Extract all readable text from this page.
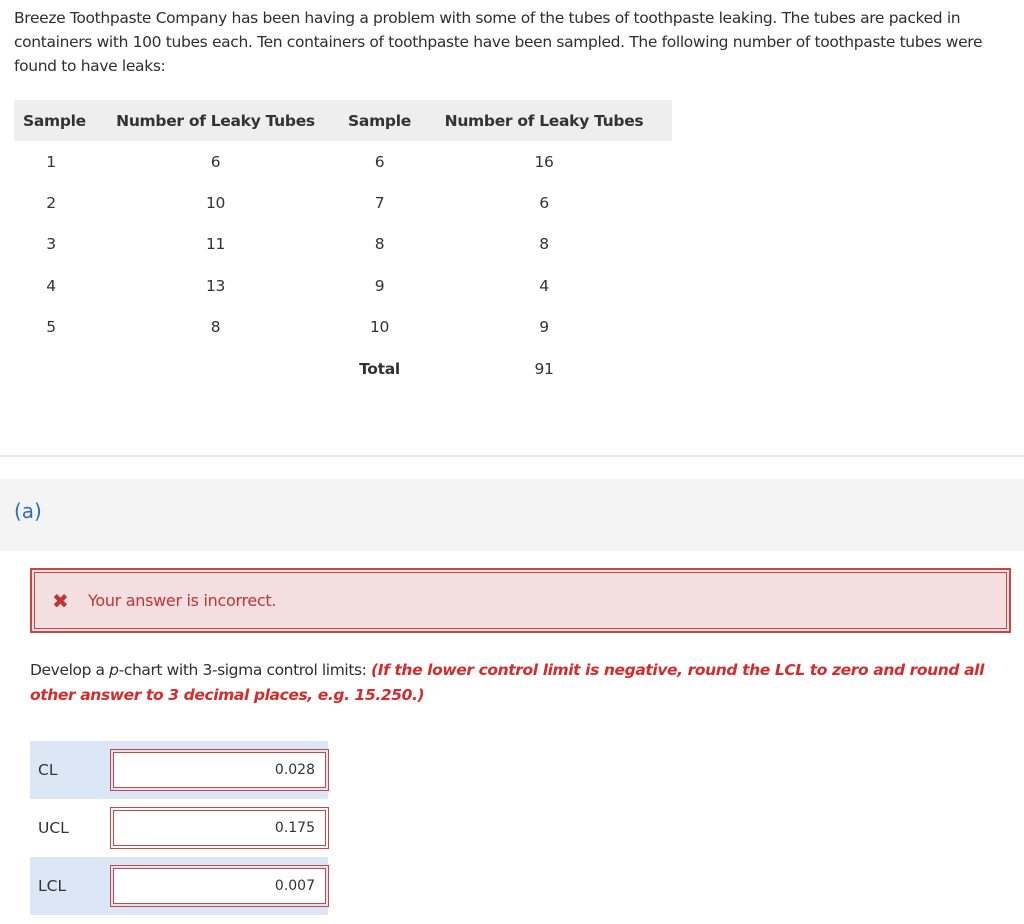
Breeze Toothpaste Company has been having a problem with some of the tubes of toothpaste leaking. The tubes are packed in containers with 100 tubes each. Ten containers of toothpaste have been sampled. The following number of toothpaste tubes were found to have leaks:

Sample	Number of Leaky Tubes	Sample	Number of Leaky Tubes
1	6	6	16
2	10	7	6
3	11	8	8
4	13	9	4
5	8	10	9
		Total	91
(a)
✖ Your answer is incorrect.

Develop a p-chart with 3-sigma control limits: (If the lower control limit is negative, round the LCL to zero and round all other answer to 3 decimal places, e.g. 15.250.)

CL	
0.028
UCL	
0.175
LCL	
0.007
